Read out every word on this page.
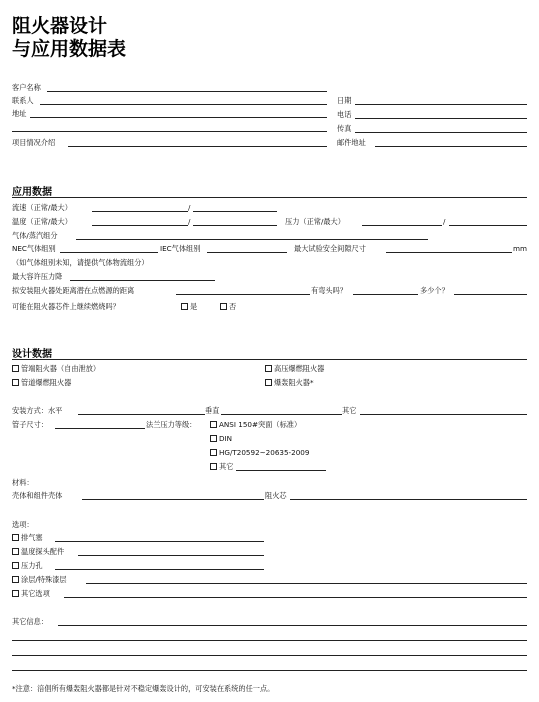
阻火器设计
与应用数据表
客户名称
联系人	日期
地址	电话
传真
项目情况介绍	邮件地址
应用数据
流速（正常/最大）	/
温度（正常/最大）	/	压力（正常/最大）	/
气体/蒸汽组分
NEC气体组别	IEC气体组别	最大试验安全间隙尺寸	mm
（如气体组别未知，请提供气体物流组分）
最大容许压力降
拟安装阻火器处距离潜在点燃源的距离	有弯头吗？	多少个？
可能在阻火器芯件上继续燃烧吗？	是	否
设计数据
管端阻火器（自由泄放）	高压爆燃阻火器
管道爆燃阻火器	爆轰阻火器*
安装方式：水平	垂直	其它
管子尺寸：	法兰压力等级：	ANSI 150#突面（标准）
DIN
HG/T20592~20635-2009
其它
材料：
壳体和组件壳体	阻火芯
选项：
排气塞
温度探头配件
压力孔
涂层/特殊漆层
其它选项
其它信息：
*注意：涪倡所有爆轰阻火器都是针对不稳定爆轰设计的，可安装在系统的任一点。
